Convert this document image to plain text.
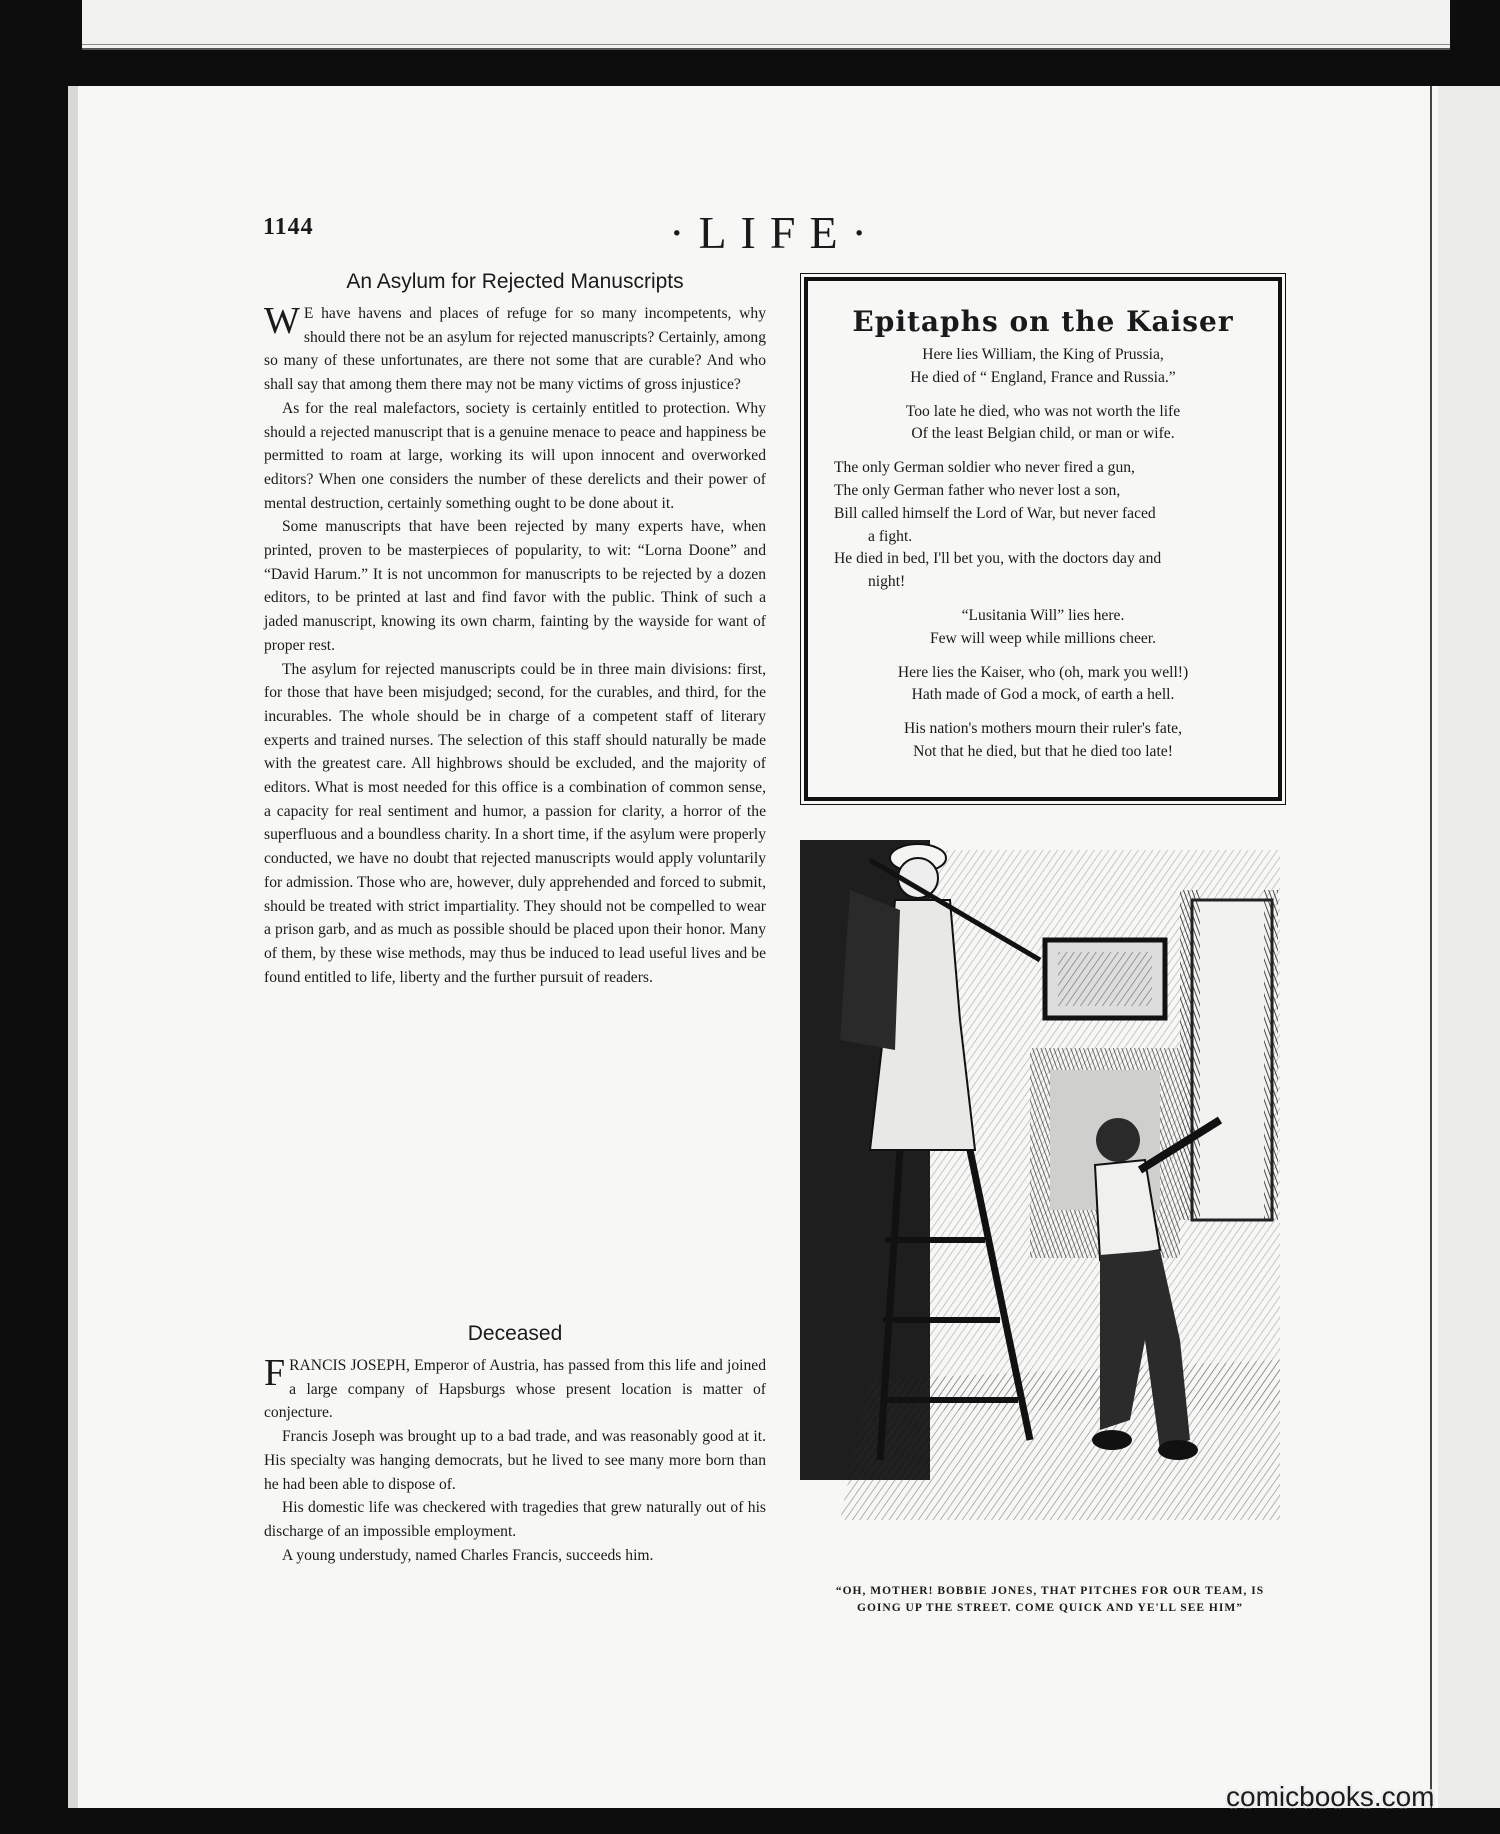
1144	·LIFE·
An Asylum for Rejected Manuscripts

W E have havens and places of refuge for so many incompetents, why should there not be an asylum for rejected manuscripts? Certainly, among so many of these unfortunates, are there not some that are curable? And who shall say that among them there may not be many victims of gross injustice?

As for the real malefactors, society is certainly entitled to protection. Why should a rejected manuscript that is a genuine menace to peace and happiness be permitted to roam at large, working its will upon innocent and overworked editors? When one considers the number of these derelicts and their power of mental destruction, certainly something ought to be done about it.

Some manuscripts that have been rejected by many experts have, when printed, proven to be masterpieces of popularity, to wit: “Lorna Doone” and “David Harum.” It is not uncommon for manuscripts to be rejected by a dozen editors, to be printed at last and find favor with the public. Think of such a jaded manuscript, knowing its own charm, fainting by the wayside for want of proper rest.

The asylum for rejected manuscripts could be in three main divisions: first, for those that have been misjudged; second, for the curables, and third, for the incurables. The whole should be in charge of a competent staff of literary experts and trained nurses. The selection of this staff should naturally be made with the greatest care. All highbrows should be excluded, and the majority of editors. What is most needed for this office is a combination of common sense, a capacity for real sentiment and humor, a passion for clarity, a horror of the superfluous and a boundless charity. In a short time, if the asylum were properly conducted, we have no doubt that rejected manuscripts would apply voluntarily for admission. Those who are, however, duly apprehended and forced to submit, should be treated with strict impartiality. They should not be compelled to wear a prison garb, and as much as possible should be placed upon their honor. Many of them, by these wise methods, may thus be induced to lead useful lives and be found entitled to life, liberty and the further pursuit of readers.

Deceased

FRANCIS JOSEPH, Emperor of Austria, has passed from this life and joined a large company of Hapsburgs whose present location is matter of conjecture.

Francis Joseph was brought up to a bad trade, and was reasonably good at it. His specialty was hanging democrats, but he lived to see many more born than he had been able to dispose of.

His domestic life was checkered with tragedies that grew naturally out of his discharge of an impossible employment.

A young understudy, named Charles Francis, succeeds him.

Epitaphs on the Kaiser
Here lies William, the King of Prussia,
He died of “ England, France and Russia.”
Too late he died, who was not worth the life
Of the least Belgian child, or man or wife.
The only German soldier who never fired a gun,
The only German father who never lost a son,
Bill called himself the Lord of War, but never faced
a fight.
He died in bed, I'll bet you, with the doctors day and
night!
“Lusitania Will” lies here.
Few will weep while millions cheer.
Here lies the Kaiser, who (oh, mark you well!)
Hath made of God a mock, of earth a hell.
His nation's mothers mourn their ruler's fate,
Not that he died, but that he died too late!
~
“OH, MOTHER! BOBBIE JONES, THAT PITCHES FOR OUR TEAM, IS
GOING UP THE STREET. COME QUICK AND YE'LL SEE HIM”
comicbooks.com
